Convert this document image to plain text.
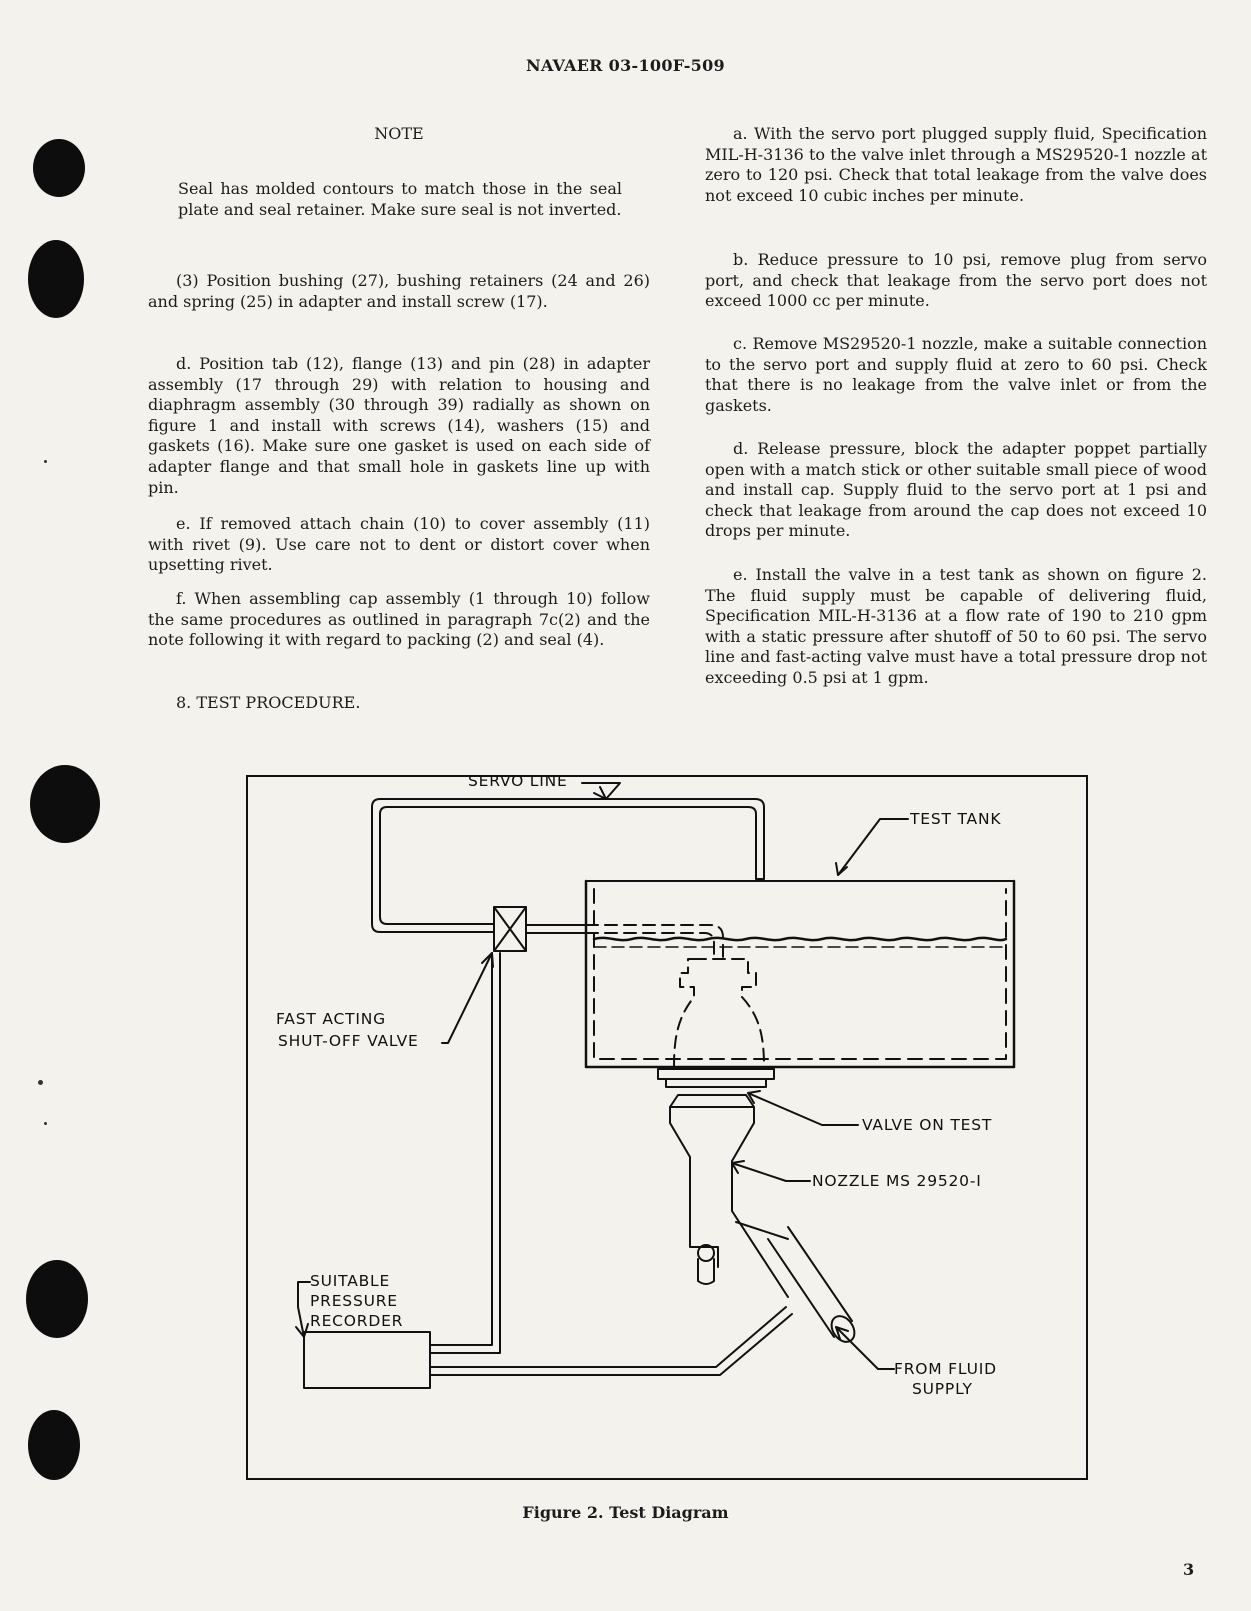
NAVAER 03-100F-509

NOTE

Seal has molded contours to match those in the seal plate and seal retainer. Make sure seal is not inverted.

(3) Position bushing (27), bushing retainers (24 and 26) and spring (25) in adapter and install screw (17).

d. Position tab (12), flange (13) and pin (28) in adapter assembly (17 through 29) with relation to housing and diaphragm assembly (30 through 39) radially as shown on figure 1 and install with screws (14), washers (15) and gaskets (16). Make sure one gasket is used on each side of adapter flange and that small hole in gaskets line up with pin.

e. If removed attach chain (10) to cover assembly (11) with rivet (9). Use care not to dent or distort cover when upsetting rivet.

f. When assembling cap assembly (1 through 10) follow the same procedures as outlined in paragraph 7c(2) and the note following it with regard to packing (2) and seal (4).

8. TEST PROCEDURE.

a. With the servo port plugged supply fluid, Specification MIL-H-3136 to the valve inlet through a MS29520-1 nozzle at zero to 120 psi. Check that total leakage from the valve does not exceed 10 cubic inches per minute.

b. Reduce pressure to 10 psi, remove plug from servo port, and check that leakage from the servo port does not exceed 1000 cc per minute.

c. Remove MS29520-1 nozzle, make a suitable connection to the servo port and supply fluid at zero to 60 psi. Check that there is no leakage from the valve inlet or from the gaskets.

d. Release pressure, block the adapter poppet partially open with a match stick or other suitable small piece of wood and install cap. Supply fluid to the servo port at 1 psi and check that leakage from around the cap does not exceed 10 drops per minute.

e. Install the valve in a test tank as shown on figure 2. The fluid supply must be capable of delivering fluid, Specification MIL-H-3136 at a flow rate of 190 to 210 gpm with a static pressure after shutoff of 50 to 60 psi. The servo line and fast-acting valve must have a total pressure drop not exceeding 0.5 psi at 1 gpm.

SERVO LINE
TEST TANK
FAST ACTING
SHUT-OFF VALVE
VALVE ON TEST
NOZZLE MS 29520-I
SUITABLE
PRESSURE
RECORDER
FROM FLUID
SUPPLY
Figure 2. Test Diagram
3
